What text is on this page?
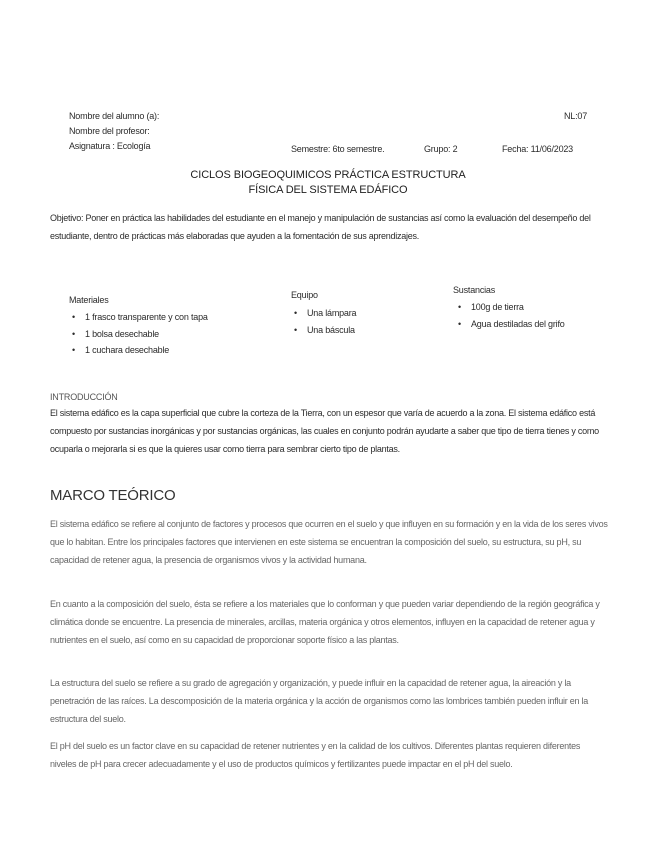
Nombre del alumno (a):	NL:07
Nombre del profesor:
Asignatura : Ecología	Semestre: 6to semestre.	Grupo: 2	Fecha: 11/06/2023
CICLOS BIOGEOQUIMICOS PRÁCTICA ESTRUCTURA
FÍSICA DEL SISTEMA EDÁFICO
Objetivo: Poner en práctica las habilidades del estudiante en el manejo y manipulación de sustancias así como la evaluación del desempeño del estudiante, dentro de prácticas más elaboradas que ayuden a la fomentación de sus aprendizajes.
Materiales
• 1 frasco transparente y con tapa
• 1 bolsa desechable
• 1 cuchara desechable
Equipo
• Una lámpara
• Una báscula
Sustancias
• 100g de tierra
• Agua destiladas del grifo
INTRODUCCIÓN
El sistema edáfico es la capa superficial que cubre la corteza de la Tierra, con un espesor que varía de acuerdo a la zona. El sistema edáfico está compuesto por sustancias inorgánicas y por sustancias orgánicas, las cuales en conjunto podrán ayudarte a saber que tipo de tierra tienes y como ocuparla o mejorarla si es que la quieres usar como tierra para sembrar cierto tipo de plantas.
MARCO TEÓRICO
El sistema edáfico se refiere al conjunto de factores y procesos que ocurren en el suelo y que influyen en su formación y en la vida de los seres vivos que lo habitan. Entre los principales factores que intervienen en este sistema se encuentran la composición del suelo, su estructura, su pH, su capacidad de retener agua, la presencia de organismos vivos y la actividad humana.
En cuanto a la composición del suelo, ésta se refiere a los materiales que lo conforman y que pueden variar dependiendo de la región geográfica y climática donde se encuentre. La presencia de minerales, arcillas, materia orgánica y otros elementos, influyen en la capacidad de retener agua y nutrientes en el suelo, así como en su capacidad de proporcionar soporte físico a las plantas.
La estructura del suelo se refiere a su grado de agregación y organización, y puede influir en la capacidad de retener agua, la aireación y la penetración de las raíces. La descomposición de la materia orgánica y la acción de organismos como las lombrices también pueden influir en la estructura del suelo.
El pH del suelo es un factor clave en su capacidad de retener nutrientes y en la calidad de los cultivos. Diferentes plantas requieren diferentes niveles de pH para crecer adecuadamente y el uso de productos químicos y fertilizantes puede impactar en el pH del suelo.
